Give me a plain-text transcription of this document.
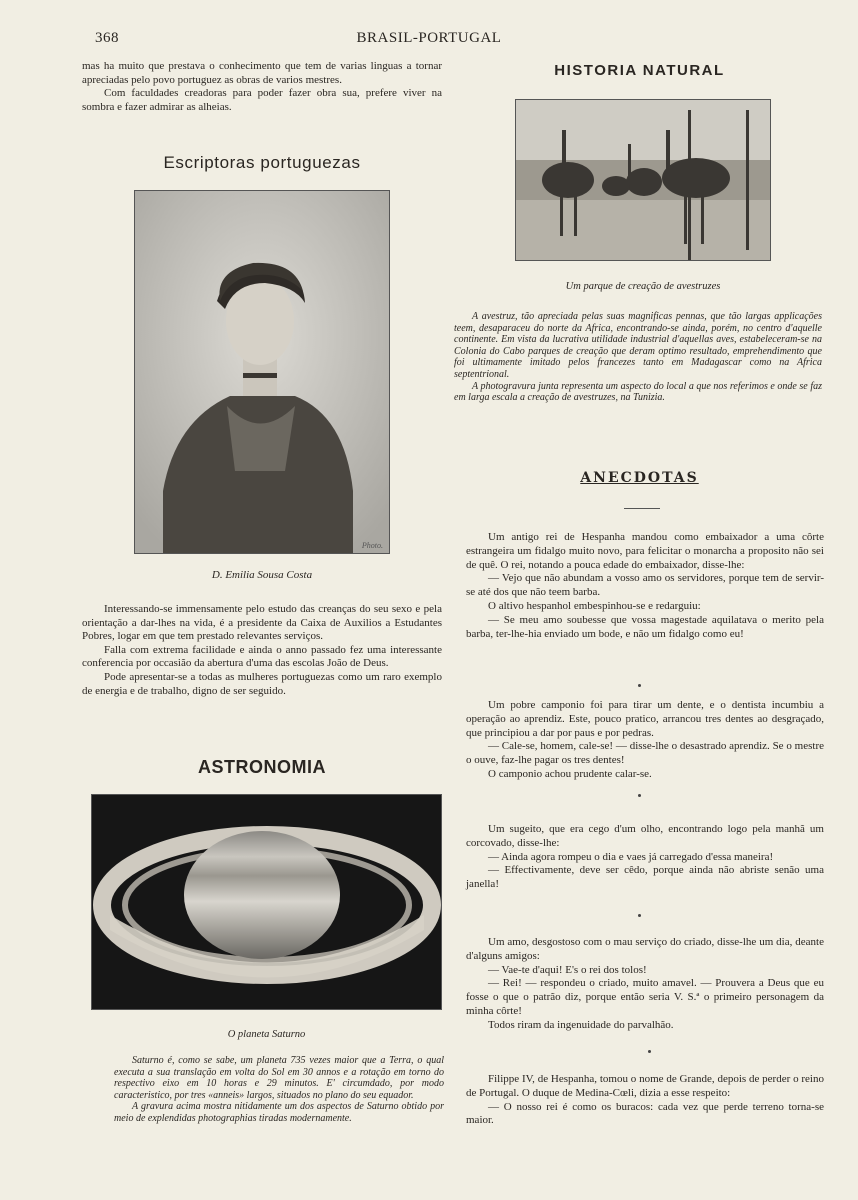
368	BRASIL-PORTUGAL

mas ha muito que prestava o conhecimento que tem de varias linguas a tornar apreciadas pelo povo portuguez as obras de varios mestres.

Com faculdades creadoras para poder fazer obra sua, prefere viver na sombra e fazer admirar as alheias.

Escriptoras portuguezas
Photo.
D. Emilia Sousa Costa

Interessando-se immensamente pelo estudo das creanças do seu sexo e pela orientação a dar-lhes na vida, é a presidente da Caixa de Auxilios a Estudantes Pobres, logar em que tem prestado relevantes serviços.

Falla com extrema facilidade e ainda o anno passado fez uma interessante conferencia por occasião da abertura d'uma das escolas João de Deus.

Pode apresentar-se a todas as mulheres portuguezas como um raro exemplo de energia e de trabalho, digno de ser seguido.

ASTRONOMIA
O planeta Saturno

Saturno é, como se sabe, um planeta 735 vezes maior que a Terra, o qual executa a sua translação em volta do Sol em 30 annos e a rotação em torno do respectivo eixo em 10 horas e 29 minutos. E' circumdado, por modo caracteristico, por tres «anneis» largos, situados no plano do seu equador.

A gravura acima mostra nitidamente um dos aspectos de Saturno obtido por meio de explendidas photographias tiradas modernamente.

HISTORIA NATURAL
Um parque de creação de avestruzes

A avestruz, tão apreciada pelas suas magnificas pennas, que tão largas applicações teem, desaparaceu do norte da Africa, encontrando-se ainda, porém, no centro d'aquelle continente. Em vista da lucrativa utilidade industrial d'aquellas aves, estabeleceram-se na Colonia do Cabo parques de creação que deram optimo resultado, emprehendimento que foi ultimamente imitado pelos francezes tanto em Madagascar como na Africa septentrional.

A photogravura junta representa um aspecto do local a que nos referimos e onde se faz em larga escala a creação de avestruzes, na Tunizia.

ANECDOTAS

Um antigo rei de Hespanha mandou como embaixador a uma côrte estrangeira um fidalgo muito novo, para felicitar o monarcha a proposito não sei de quê. O rei, notando a pouca edade do embaixador, disse-lhe:

— Vejo que não abundam a vosso amo os servidores, porque tem de servir-se até dos que não teem barba.

O altivo hespanhol embespinhou-se e redarguiu:

— Se meu amo soubesse que vossa magestade aquilatava o merito pela barba, ter-lhe-hia enviado um bode, e não um fidalgo como eu!

Um pobre camponio foi para tirar um dente, e o dentista incumbiu a operação ao aprendiz. Este, pouco pratico, arrancou tres dentes ao desgraçado, que principiou a dar por paus e por pedras.

— Cale-se, homem, cale-se! — disse-lhe o desastrado aprendiz. Se o mestre o ouve, faz-lhe pagar os tres dentes!

O camponio achou prudente calar-se.

Um sugeito, que era cego d'um olho, encontrando logo pela manhã um corcovado, disse-lhe:

— Ainda agora rompeu o dia e vaes já carregado d'essa maneira!

— Effectivamente, deve ser cêdo, porque ainda não abriste senão uma janella!

Um amo, desgostoso com o mau serviço do criado, disse-lhe um dia, deante d'alguns amigos:

— Vae-te d'aqui! E's o rei dos tolos!

— Rei! — respondeu o criado, muito amavel. — Prouvera a Deus que eu fosse o que o patrão diz, porque então seria V. S.ª o primeiro personagem da minha côrte!

Todos riram da ingenuidade do parvalhão.

Filippe IV, de Hespanha, tomou o nome de Grande, depois de perder o reino de Portugal. O duque de Medina-Cœli, dizia a esse respeito:

— O nosso rei é como os buracos: cada vez que perde terreno torna-se maior.
